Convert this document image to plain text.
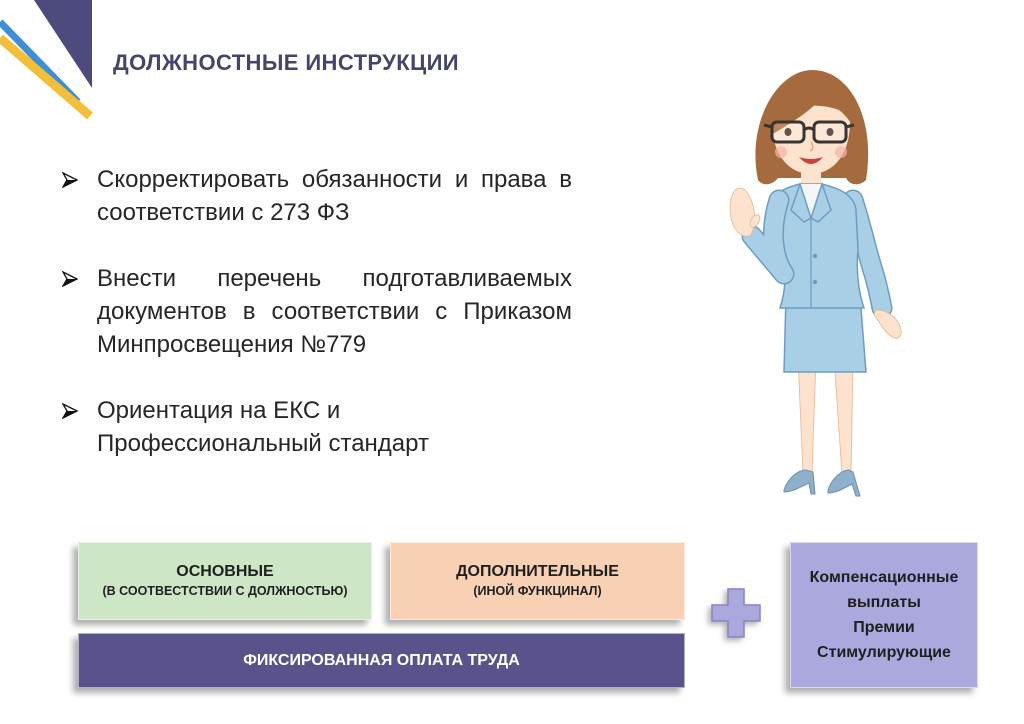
ДОЛЖНОСТНЫЕ ИНСТРУКЦИИ
Скорректировать обязанности и права в
соответствии с 273 ФЗ
Внести перечень подготавливаемых
документов в соответствии с Приказом
Минпросвещения №779
Ориентация на ЕКС и
Профессиональный стандарт
ОСНОВНЫЕ
(В СООТВЕСТСТВИИ С ДОЛЖНОСТЬЮ)
ДОПОЛНИТЕЛЬНЫЕ
(ИНОЙ ФУНКЦИНАЛ)
ФИКСИРОВАННАЯ ОПЛАТА ТРУДА
Компенсационные
выплаты
Премии
Стимулирующие
